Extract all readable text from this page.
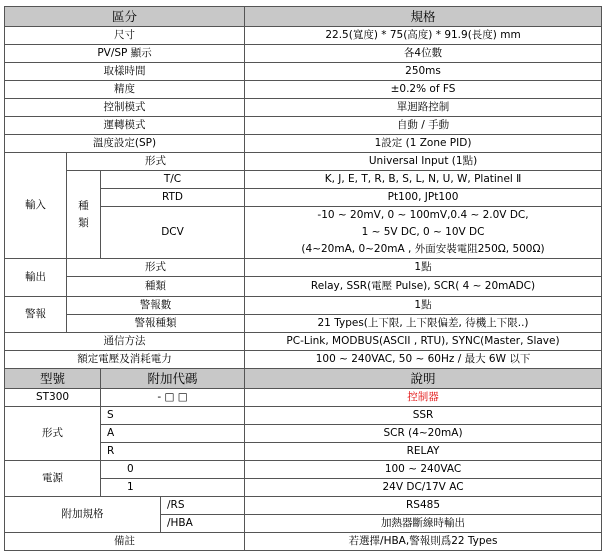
區分				規格
尺寸				22.5(寬度) * 75(高度) * 91.9(長度) mm
PV/SP 顯示				各4位數
取樣時間				250ms
精度				±0.2% of FS
控制模式				單迴路控制
運轉模式				自動 / 手動
溫度設定(SP)				1設定 (1 Zone PID)
輸入	形式			Universal Input (1點)
	種類	T/C		K, J, E, T, R, B, S, L, N, U, W, Platinel Ⅱ
		RTD		Pt100, JPt100
		DCV		-10 ~ 20mV, 0 ~ 100mV,0.4 ~ 2.0V DC,
				1 ~ 5V DC, 0 ~ 10V DC
				(4~20mA, 0~20mA , 外面安裝電阻250Ω, 500Ω)
輸出	形式			1點
	種類			Relay, SSR(電壓 Pulse), SCR( 4 ~ 20mADC)
警報	警報數			1點
	警報種類			21 Types(上下限, 上下限偏差, 待機上下限..)
通信方法				PC-Link, MODBUS(ASCII , RTU), SYNC(Master, Slave)
額定電壓及消耗電力				100 ~ 240VAC, 50 ~ 60Hz / 最大 6W 以下
型號		附加代碼		說明
ST300		- □ □		控制器
形式		S		SSR
		A		SCR (4~20mA)
		R		RELAY
電源		0		100 ~ 240VAC
		1		24V DC/17V AC
附加規格			/RS	RS485
			/HBA	加熱器斷線時輸出
備註				若選擇/HBA,警報則爲22 Types
